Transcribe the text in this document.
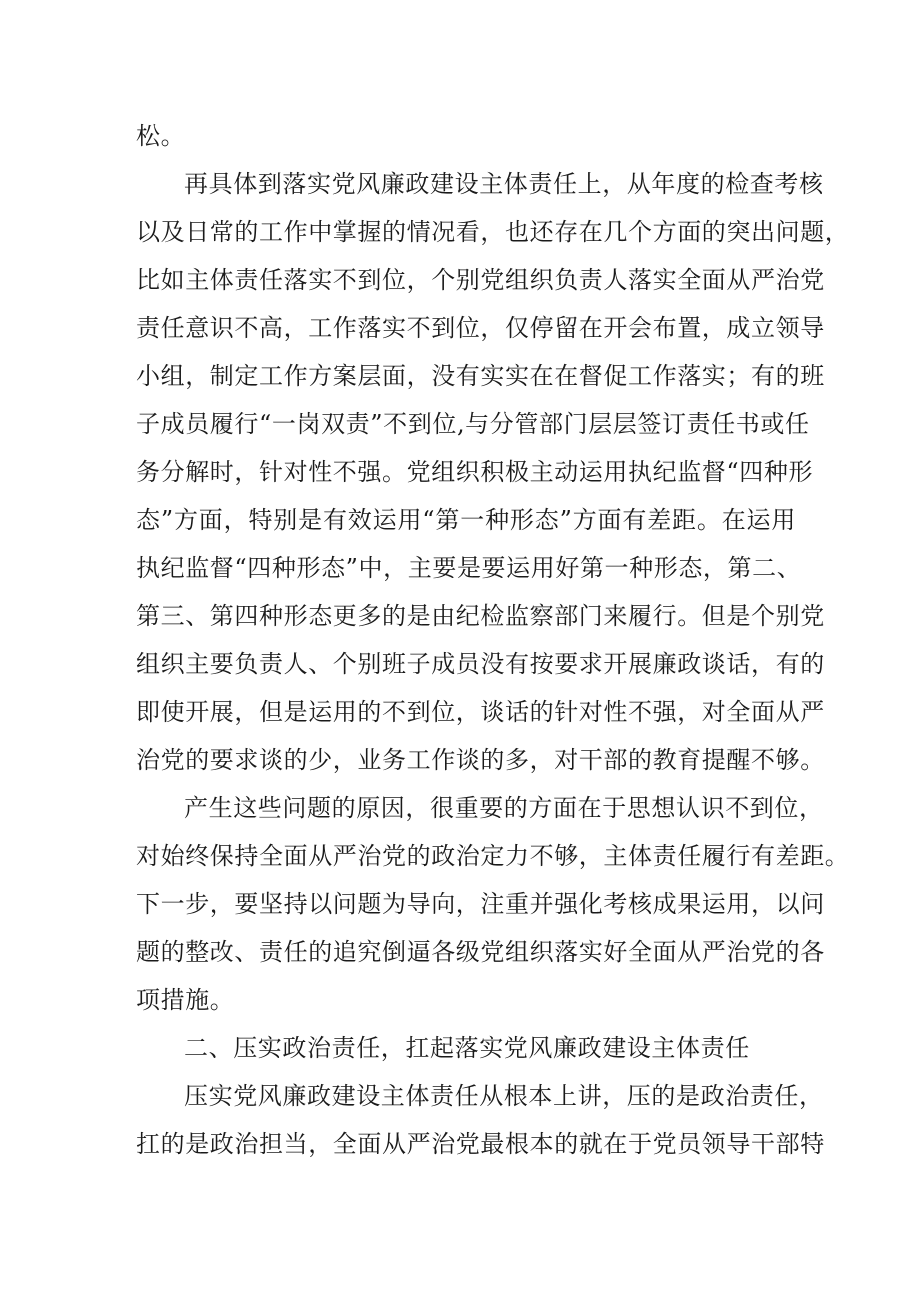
松。
再具体到落实党风廉政建设主体责任上，从年度的检查考核
以及日常的工作中掌握的情况看，也还存在几个方面的突出问题，
比如主体责任落实不到位，个别党组织负责人落实全面从严治党
责任意识不高，工作落实不到位，仅停留在开会布置，成立领导
小组，制定工作方案层面，没有实实在在督促工作落实；有的班
子成员履行“一岗双责”不到位,与分管部门层层签订责任书或任
务分解时，针对性不强。党组织积极主动运用执纪监督“四种形
态”方面，特别是有效运用“第一种形态”方面有差距。在运用
执纪监督“四种形态”中，主要是要运用好第一种形态，第二、
第三、第四种形态更多的是由纪检监察部门来履行。但是个别党
组织主要负责人、个别班子成员没有按要求开展廉政谈话，有的
即使开展，但是运用的不到位，谈话的针对性不强，对全面从严
治党的要求谈的少，业务工作谈的多，对干部的教育提醒不够。
产生这些问题的原因，很重要的方面在于思想认识不到位，
对始终保持全面从严治党的政治定力不够，主体责任履行有差距。
下一步，要坚持以问题为导向，注重并强化考核成果运用，以问
题的整改、责任的追究倒逼各级党组织落实好全面从严治党的各
项措施。
二、压实政治责任，扛起落实党风廉政建设主体责任
压实党风廉政建设主体责任从根本上讲，压的是政治责任，
扛的是政治担当，全面从严治党最根本的就在于党员领导干部特
